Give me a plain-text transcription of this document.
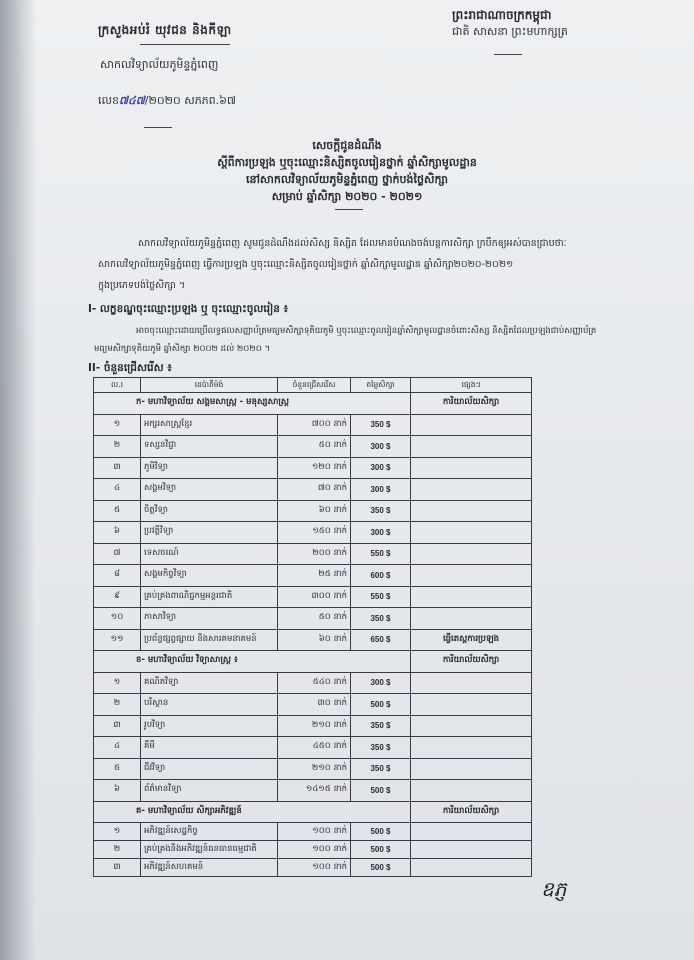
ក្រសួងអប់រំ យុវជន និងកីឡា
សាកលវិទ្យាល័យភូមិន្ទភ្នំពេញ
ព្រះរាជាណាចក្រកម្ពុជា
ជាតិ សាសនា ព្រះមហាក្សត្រ
លេខ៧៤៧/២០២០ សភភព.៦៧
សេចក្តីជូនដំណឹង
ស្តីពីការប្រឡង ឬចុះឈ្មោះនិស្សិតចូលរៀនថ្នាក់ ឆ្នាំសិក្សាមូលដ្ឋាន
នៅសាកលវិទ្យាល័យភូមិន្ទភ្នំពេញ ថ្នាក់បង់ថ្លៃសិក្សា
សម្រាប់ ឆ្នាំសិក្សា ២០២០ - ២០២១
សាកលវិទ្យាល័យភូមិន្ទភ្នំពេញ សូមជូនដំណឹងដល់សិស្ស និស្សិត ដែលមានបំណងចង់បន្តការសិក្សា ក្របឹកឲ្យអស់បានជ្រាបថាៈ
សាកលវិទ្យាល័យភូមិន្ទភ្នំពេញ ធ្វើការប្រឡង ឬចុះឈ្មោះនិស្សិតចូលរៀនថ្នាក់ ឆ្នាំសិក្សាមូលដ្ឋាន ឆ្នាំសិក្សា២០២០-២០២១
ក្នុងប្រភេទបង់ថ្លៃសិក្សា ។
I- លក្ខខណ្ឌចុះឈ្មោះប្រឡង ឬ ចុះឈ្មោះចូលរៀន ៖
អាចចុះឈ្មោះដោយប្រើលទ្ធផលសញ្ញាប័ត្រមធ្យមសិក្សាទុតិយភូមិ ឬចុះឈ្មោះចូលរៀនឆ្នាំសិក្សាមូលដ្ឋានចំពោះសិស្ស និស្សិតដែលប្រឡងជាប់សញ្ញាប័ត្រ
មធ្យមសិក្សាទុតិយភូមិ ឆ្នាំសិក្សា ២០០២ ដល់ ២០២០ ។
II- ចំនួនជ្រើសរើស ៖
ល.រ	ដេប៉ាតឺម៉ង់	ចំនួនជ្រើសរើស	តម្លៃសិក្សា	ផ្សេងៗ
ក- មហាវិទ្យាល័យ សង្គមសាស្ត្រ - មនុស្សសាស្ត្រ				ការិយាល័យសិក្សា
១	អក្សរសាស្ត្រខ្មែរ	៧០០ នាក់	350 $	
២	ទស្សនវិជ្ជា	៥០ នាក់	300 $	
៣	ភូមិវិទ្យា	១២០ នាក់	300 $	
៤	សង្គមវិទ្យា	៧០ នាក់	300 $	
៥	ចិត្តវិទ្យា	៦០ នាក់	350 $	
៦	ប្រវត្តិវិទ្យា	១៥០ នាក់	300 $	
៧	ទេសចរណ៍	២០០ នាក់	550 $	
៨	សង្គមកិច្ចវិទ្យា	២៥ នាក់	600 $	
៩	គ្រប់គ្រងពាណិជ្ជកម្មអន្តរជាតិ	៣០០ នាក់	550 $	
១០	ភាសាវិទ្យា	៥០ នាក់	350 $	
១១	ប្រព័ន្ធផ្សព្វផ្សាយ និងសារគមនាគមន៍	៦០ នាក់	650 $	ធ្វើតេស្តការប្រឡង
ខ- មហាវិទ្យាល័យ វិទ្យាសាស្ត្រ ៖				ការិយាល័យសិក្សា
១	គណិតវិទ្យា	៥៤០ នាក់	300 $	
២	បរិស្ថាន	៣០ នាក់	500 $	
៣	រូបវិទ្យា	២១០ នាក់	350 $	
៤	គីមី	៤៥០ នាក់	350 $	
៥	ជីវវិទ្យា	២១០ នាក់	350 $	
៦	ព័ត៌មានវិទ្យា	១៤១៥ នាក់	500 $	
គ- មហាវិទ្យាល័យ សិក្សាអភិវឌ្ឍន៍				ការិយាល័យសិក្សា
១	អភិវឌ្ឍន៍សេដ្ឋកិច្ច	១០០ នាក់	500 $	
២	គ្រប់គ្រងនិងអភិវឌ្ឍន៍ធនធានធម្មជាតិ	១០០ នាក់	500 $	
៣	អភិវឌ្ឍន៍សហគមន៍	១០០ នាក់	500 $	
ឧភ្ញ
